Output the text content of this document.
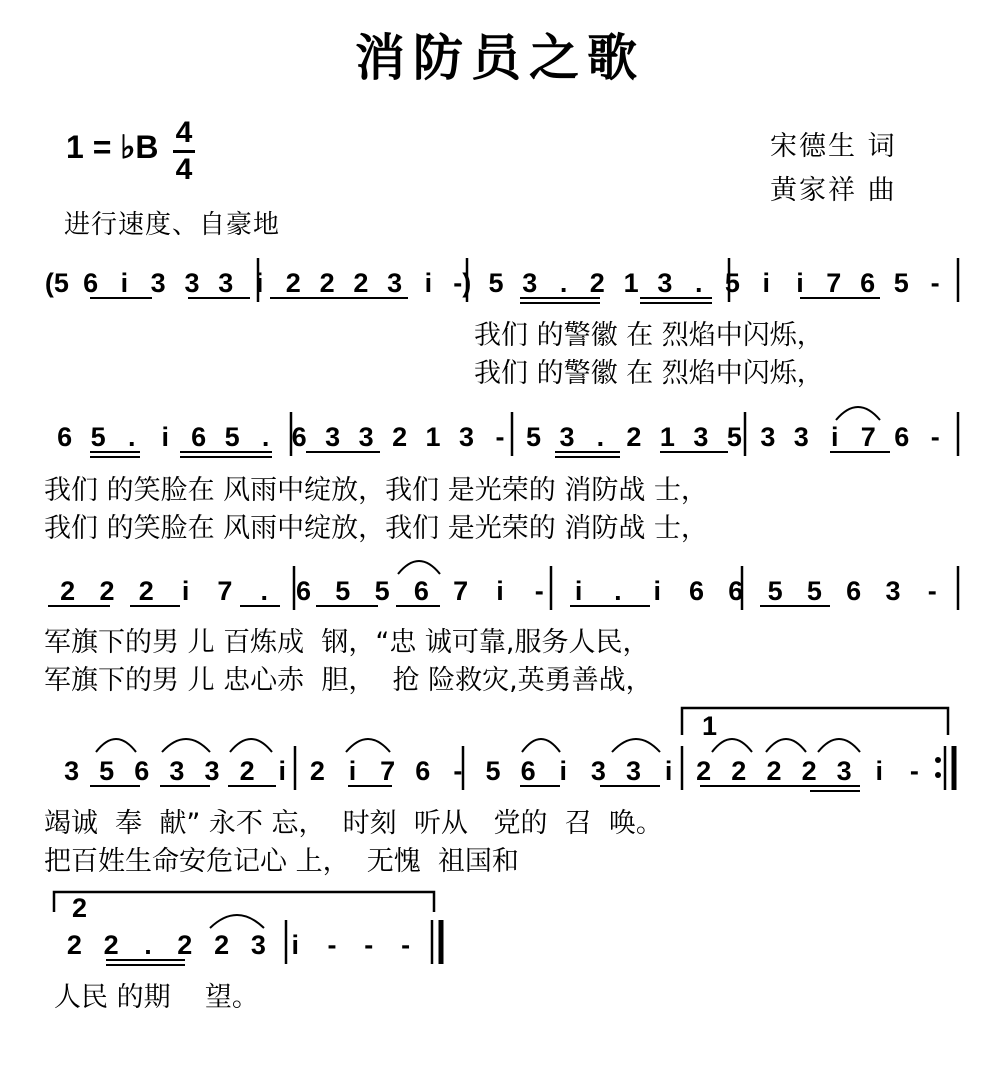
消防员之歌
1 = ♭B 4
4
宋德生 词
黄家祥 曲
进行速度、自豪地
1
2
(5 6 i 3 3 3 i 2 2 2 3 i -) 5 3 . 2 1 3 . 5 i i 7 6 5 -
6 5 . i 6 5 . 6 3 3 2 1 3 - 5 3 . 2 1 3 5 3 3 i 7 6 -
2 2 2 i 7 . 6 5 5 6 7 i - i . i 6 6 5 5 6 3 -
3 5 6 3 3 2 i 2 i 7 6 - 5 6 i 3 3 i 2 2 2 2 3 i -
2 2 . 2 2 3 i - - -
我们 的警徽 在 烈焰中闪烁，
我们 的警徽 在 烈焰中闪烁，
我们 的笑脸在 风雨中绽放，我们 是光荣的 消防战 士，
我们 的笑脸在 风雨中绽放，我们 是光荣的 消防战 士，
军旗下的男 儿 百炼成  钢，“忠 诚可靠,服务人民，
军旗下的男 儿 忠心赤  胆，  抢 险救灾,英勇善战，
竭诚  奉  献” 永不 忘，  时刻  听从   党的  召  唤。
把百姓生命安危记心 上，  无愧  祖国和
人民 的期    望。
